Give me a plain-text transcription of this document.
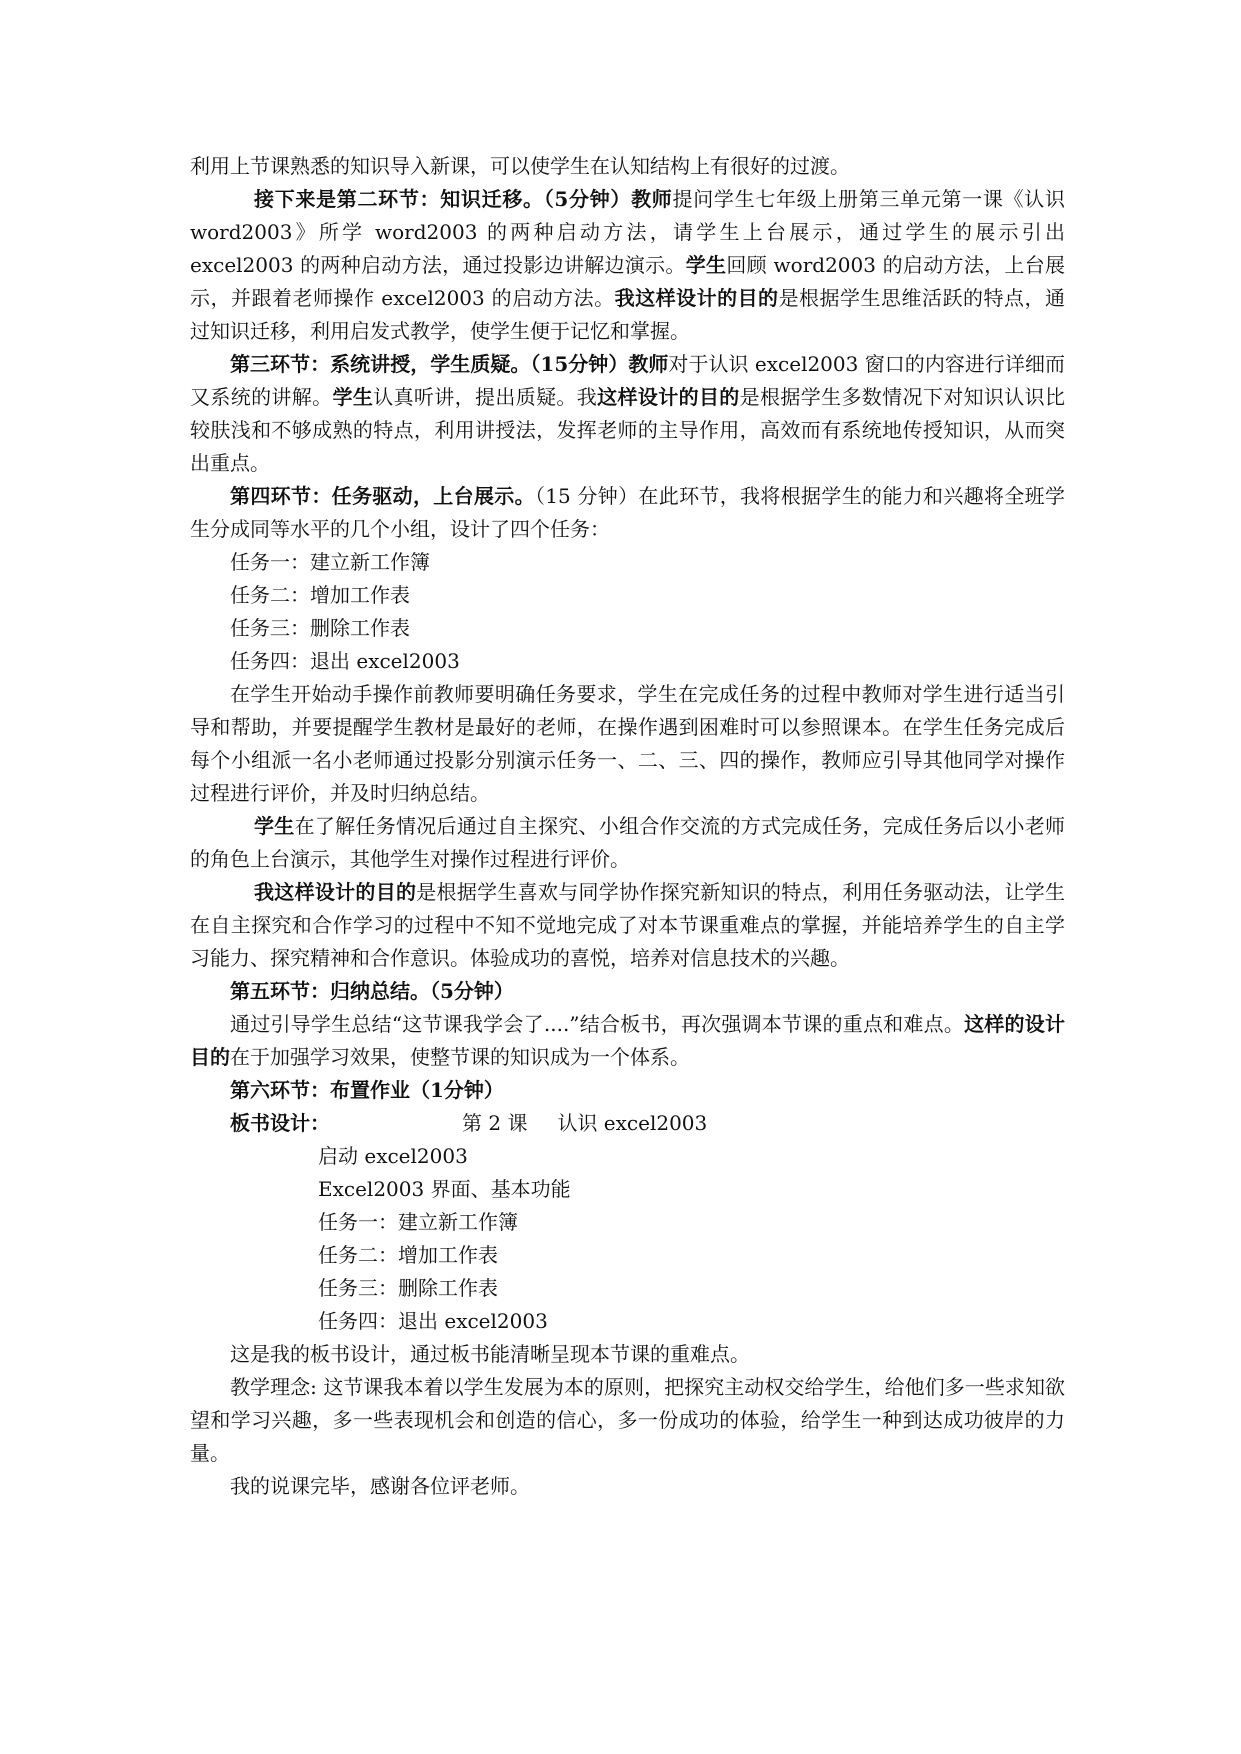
利用上节课熟悉的知识导入新课，可以使学生在认知结构上有很好的过渡。

接下来是第二环节：知识迁移。（5分钟）教师提问学生七年级上册第三单元第一课《认识 word2003》所学 word2003 的两种启动方法，请学生上台展示，通过学生的展示引出 excel2003 的两种启动方法，通过投影边讲解边演示。学生回顾 word2003 的启动方法，上台展示，并跟着老师操作 excel2003 的启动方法。我这样设计的目的是根据学生思维活跃的特点，通过知识迁移，利用启发式教学，使学生便于记忆和掌握。

第三环节：系统讲授，学生质疑。（15分钟）教师对于认识 excel2003 窗口的内容进行详细而又系统的讲解。学生认真听讲，提出质疑。我这样设计的目的是根据学生多数情况下对知识认识比较肤浅和不够成熟的特点，利用讲授法，发挥老师的主导作用，高效而有系统地传授知识，从而突出重点。

第四环节：任务驱动，上台展示。（15 分钟）在此环节，我将根据学生的能力和兴趣将全班学生分成同等水平的几个小组，设计了四个任务：

任务一：建立新工作簿

任务二：增加工作表

任务三：删除工作表

任务四：退出 excel2003

在学生开始动手操作前教师要明确任务要求，学生在完成任务的过程中教师对学生进行适当引导和帮助，并要提醒学生教材是最好的老师，在操作遇到困难时可以参照课本。在学生任务完成后每个小组派一名小老师通过投影分别演示任务一、二、三、四的操作，教师应引导其他同学对操作过程进行评价，并及时归纳总结。

学生在了解任务情况后通过自主探究、小组合作交流的方式完成任务，完成任务后以小老师的角色上台演示，其他学生对操作过程进行评价。

我这样设计的目的是根据学生喜欢与同学协作探究新知识的特点，利用任务驱动法，让学生在自主探究和合作学习的过程中不知不觉地完成了对本节课重难点的掌握，并能培养学生的自主学习能力、探究精神和合作意识。体验成功的喜悦，培养对信息技术的兴趣。

第五环节：归纳总结。（5分钟）

通过引导学生总结“这节课我学会了....”结合板书，再次强调本节课的重点和难点。这样的设计目的在于加强学习效果，使整节课的知识成为一个体系。

第六环节：布置作业（1分钟）

板书设计：	第 2 课 认识 excel2003

启动 excel2003

Excel2003 界面、基本功能

任务一：建立新工作簿

任务二：增加工作表

任务三：删除工作表

任务四：退出 excel2003

这是我的板书设计，通过板书能清晰呈现本节课的重难点。

教学理念: 这节课我本着以学生发展为本的原则，把探究主动权交给学生，给他们多一些求知欲望和学习兴趣，多一些表现机会和创造的信心，多一份成功的体验，给学生一种到达成功彼岸的力量。

我的说课完毕，感谢各位评老师。
